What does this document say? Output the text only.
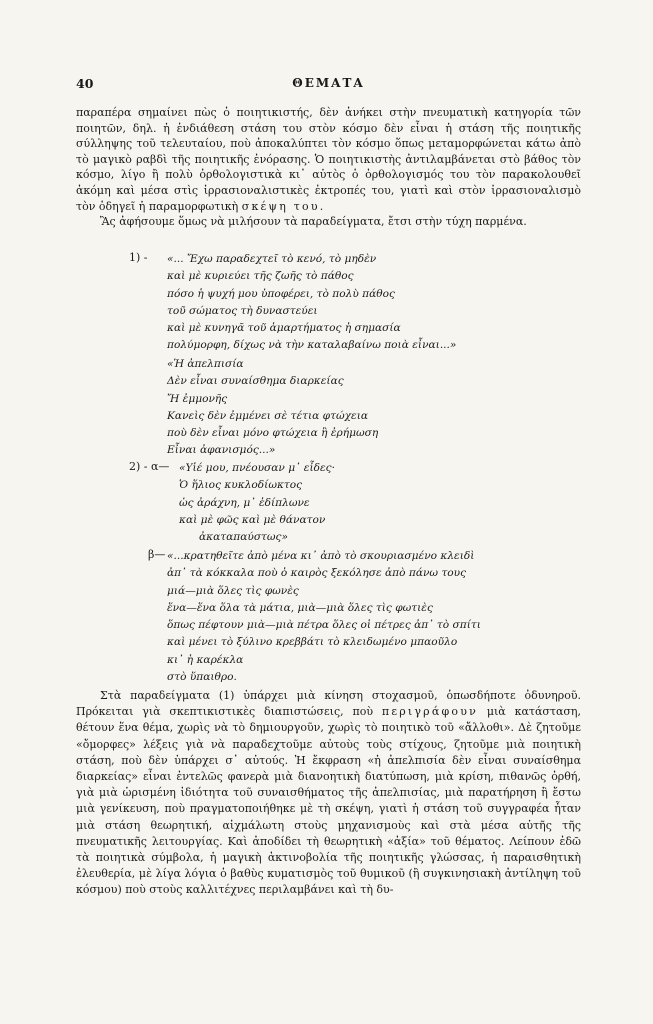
40	ΘΕΜΑΤΑ

παραπέρα σημαίνει πὼς ὁ ποιητικιστής, δὲν ἀνήκει στὴν πνευματικὴ κατηγορία τῶν ποιητῶν, δηλ. ἡ ἐνδιάθεση στάση του στὸν κόσμο δὲν εἶναι ἡ στάση τῆς ποιητικῆς σύλληψης τοῦ τελευταίου, ποὺ ἀποκαλύπτει τὸν κόσμο ὅπως μεταμορφώνεται κάτω ἀπὸ τὸ μαγικὸ ραβδὶ τῆς ποιητικῆς ἐνόρασης. Ὁ ποιητικιστὴς ἀντιλαμβάνεται στὸ βάθος τὸν κόσμο, λίγο ἢ πολὺ ὀρθολογιστικὰ κι᾿ αὐτὸς ὁ ὀρθολογισμός του τὸν παρακολουθεῖ ἀκόμη καὶ μέσα στὶς ἰρρασιοναλιστικὲς ἐκτροπές του, γιατὶ καὶ στὸν ἰρρασιοναλισμὸ τὸν ὁδηγεῖ ἡ παραμορφωτικὴ σκέψη του.

Ἂς ἀφήσουμε ὅμως νὰ μιλήσουν τὰ παραδείγματα, ἔτσι στὴν τύχη παρμένα.

1) - «... Ἔχω παραδεχτεῖ τὸ κενό, τὸ μηδὲν
καὶ μὲ κυριεύει τῆς ζωῆς τὸ πάθος
πόσο ἡ ψυχή μου ὑποφέρει, τὸ πολὺ πάθος
τοῦ σώματος τὴ δυναστεύει
καὶ μὲ κυνηγᾶ τοῦ ἁμαρτήματος ἡ σημασία
πολύμορφη, δίχως νὰ τὴν καταλαβαίνω ποιὰ εἶναι...»
«Ἡ ἀπελπισία
Δὲν εἶναι συναίσθημα διαρκείας
Ἤ ἐμμονῆς
Κανεὶς δὲν ἐμμένει σὲ τέτια φτώχεια
ποὺ δὲν εἶναι μόνο φτώχεια ἢ ἐρήμωση
Εἶναι ἀφανισμός...»
2) - α— «Υἱέ μου, πνέουσαν μ᾿ εἶδες·
Ὁ ἥλιος κυκλοδίωκτος
ὡς ἀράχνη, μ᾿ ἐδίπλωνε
καὶ μὲ φῶς καὶ μὲ θάνατον
ἀκαταπαύστως»
β— «...κρατηθεῖτε ἀπὸ μένα κι᾿ ἀπὸ τὸ σκουριασμένο κλειδὶ
ἀπ᾿ τὰ κόκκαλα ποὺ ὁ καιρὸς ξεκόλησε ἀπὸ πάνω τους
μιά—μιὰ ὅλες τὶς φωνὲς
ἕνα—ἕνα ὅλα τὰ μάτια, μιὰ—μιὰ ὅλες τὶς φωτιὲς
ὅπως πέφτουν μιὰ—μιὰ πέτρα ὅλες οἱ πέτρες ἀπ᾿ τὸ σπίτι
καὶ μένει τὸ ξύλινο κρεββάτι τὸ κλειδωμένο μπαοῦλο
κι᾿ ἡ καρέκλα
στὸ ὕπαιθρο.

Στὰ παραδείγματα (1) ὑπάρχει μιὰ κίνηση στοχασμοῦ, ὁπωσδήποτε ὀδυνηροῦ. Πρόκειται γιὰ σκεπτικιστικὲς διαπιστώσεις, ποὺ περιγράφουν μιὰ κατάσταση, θέτουν ἕνα θέμα, χωρὶς νὰ τὸ δημιουργοῦν, χωρὶς τὸ ποιητικὸ τοῦ «ἄλλοθι». Δὲ ζητοῦμε «ὄμορφες» λέξεις γιὰ νὰ παραδεχτοῦμε αὐτοὺς τοὺς στίχους, ζητοῦμε μιὰ ποιητικὴ στάση, ποὺ δὲν ὑπάρχει σ᾿ αὐτούς. Ἡ ἔκφραση «ἡ ἀπελπισία δὲν εἶναι συναίσθημα διαρκείας» εἶναι ἐντελῶς φανερὰ μιὰ διανοητικὴ διατύπωση, μιὰ κρίση, πιθανῶς ὀρθή, γιὰ μιὰ ὡρισμένη ἰδιότητα τοῦ συναισθήματος τῆς ἀπελπισίας, μιὰ παρατήρηση ἢ ἔστω μιὰ γενίκευση, ποὺ πραγματοποιήθηκε μὲ τὴ σκέψη, γιατὶ ἡ στάση τοῦ συγγραφέα ἦταν μιὰ στάση θεωρητική, αἰχμάλωτη στοὺς μηχανισμοὺς καὶ στὰ μέσα αὐτῆς τῆς πνευματικῆς λειτουργίας. Καὶ ἀποδίδει τὴ θεωρητικὴ «ἀξία» τοῦ θέματος. Λείπουν ἐδῶ τὰ ποιητικὰ σύμβολα, ἡ μαγικὴ ἀκτινοβολία τῆς ποιητικῆς γλώσσας, ἡ παραισθητικὴ ἐλευθερία, μὲ λίγα λόγια ὁ βαθὺς κυματισμὸς τοῦ θυμικοῦ (ἢ συγκινησιακὴ ἀντίληψη τοῦ κόσμου) ποὺ στοὺς καλλιτέχνες περιλαμβάνει καὶ τὴ δυ-
